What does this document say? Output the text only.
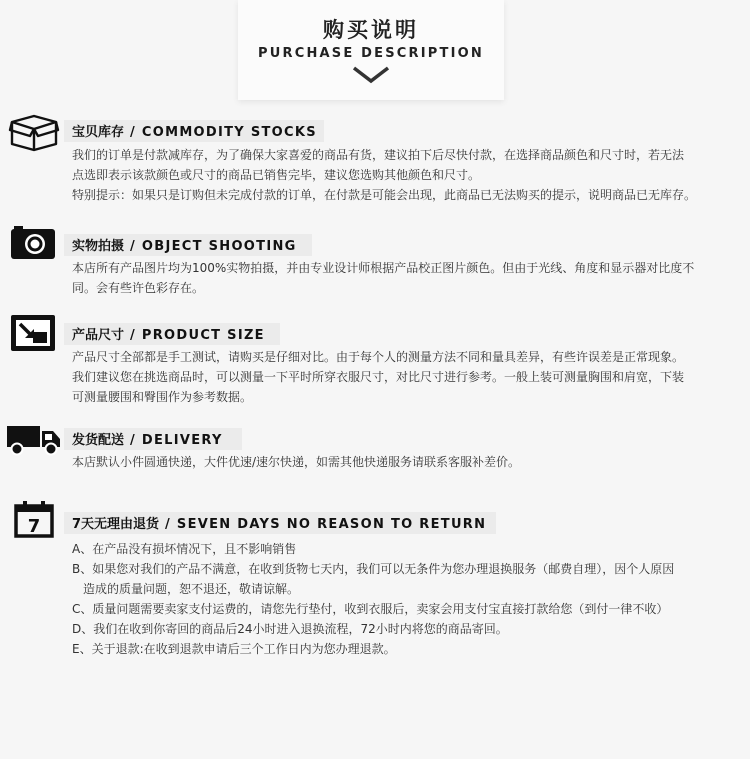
购买说明
PURCHASE DESCRIPTION
宝贝库存 / COMMODITY STOCKS
我们的订单是付款减库存，为了确保大家喜爱的商品有货，建议拍下后尽快付款，在选择商品颜色和尺寸时，若无法
点选即表示该款颜色或尺寸的商品已销售完毕，建议您选购其他颜色和尺寸。
特别提示：如果只是订购但未完成付款的订单，在付款是可能会出现，此商品已无法购买的提示，说明商品已无库存。
实物拍摄 / OBJECT SHOOTING
本店所有产品图片均为100%实物拍摄，并由专业设计师根据产品校正图片颜色。但由于光线、角度和显示器对比度不
同。会有些许色彩存在。
产品尺寸 / PRODUCT SIZE
产品尺寸全部都是手工测试，请购买是仔细对比。由于每个人的测量方法不同和量具差异，有些许误差是正常现象。
我们建议您在挑选商品时，可以测量一下平时所穿衣服尺寸，对比尺寸进行参考。一般上装可测量胸围和肩宽，下装
可测量腰围和臀围作为参考数据。
发货配送 / DELIVERY
本店默认小件圆通快递，大件优速/速尔快递，如需其他快递服务请联系客服补差价。
7 7天无理由退货 / SEVEN DAYS NO REASON TO RETURN
A、在产品没有损坏情况下，且不影响销售
B、如果您对我们的产品不满意，在收到货物七天内，我们可以无条件为您办理退换服务（邮费自理），因个人原因
造成的质量问题，恕不退还，敬请谅解。
C、质量问题需要卖家支付运费的，请您先行垫付，收到衣服后，卖家会用支付宝直接打款给您（到付一律不收）
D、我们在收到你寄回的商品后24小时进入退换流程，72小时内将您的商品寄回。
E、关于退款:在收到退款申请后三个工作日内为您办理退款。
